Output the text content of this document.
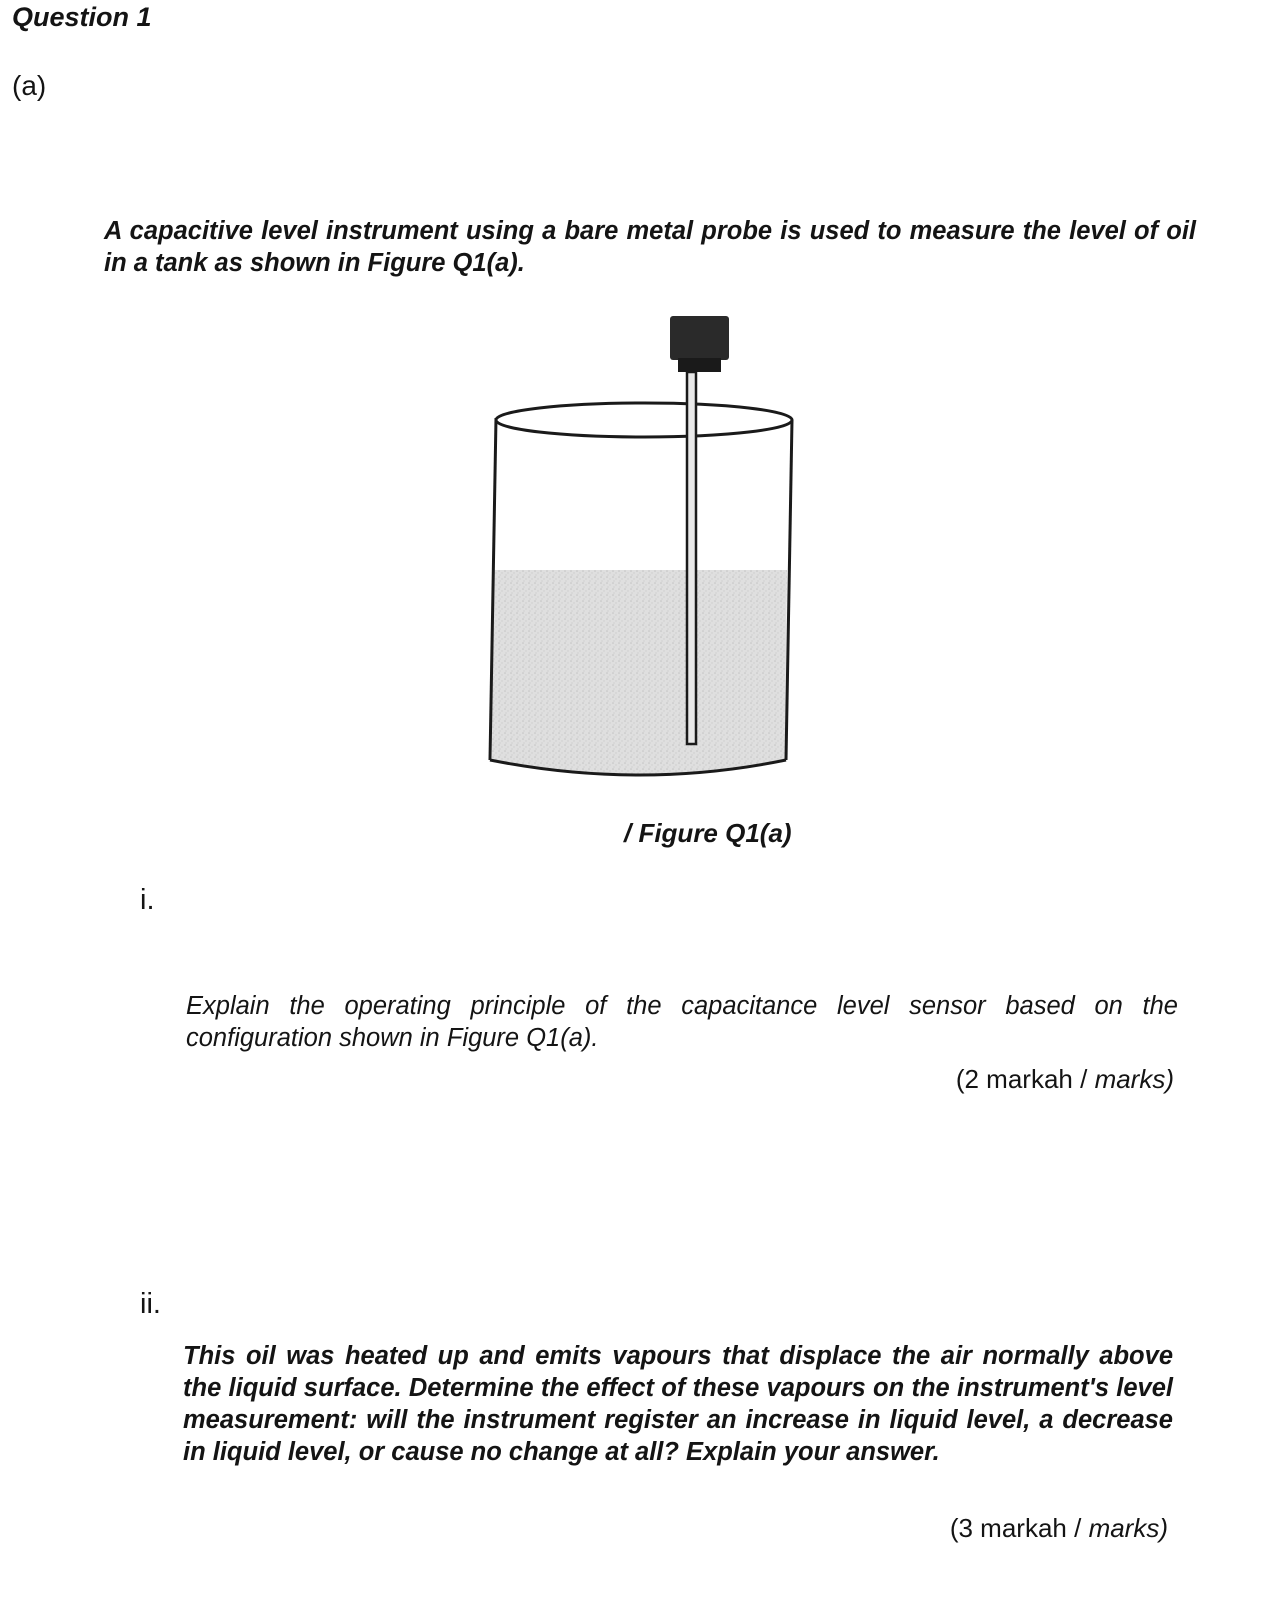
Question 1
(a)
A capacitive level instrument using a bare metal probe is used to measure the level of oil in a tank as shown in Figure Q1(a).
/ Figure Q1(a)
i.
Explain the operating principle of the capacitance level sensor based on the configuration shown in Figure Q1(a).
(2 markah / marks)
ii.
This oil was heated up and emits vapours that displace the air normally above the liquid surface. Determine the effect of these vapours on the instrument's level measurement: will the instrument register an increase in liquid level, a decrease in liquid level, or cause no change at all? Explain your answer.
(3 markah / marks)
